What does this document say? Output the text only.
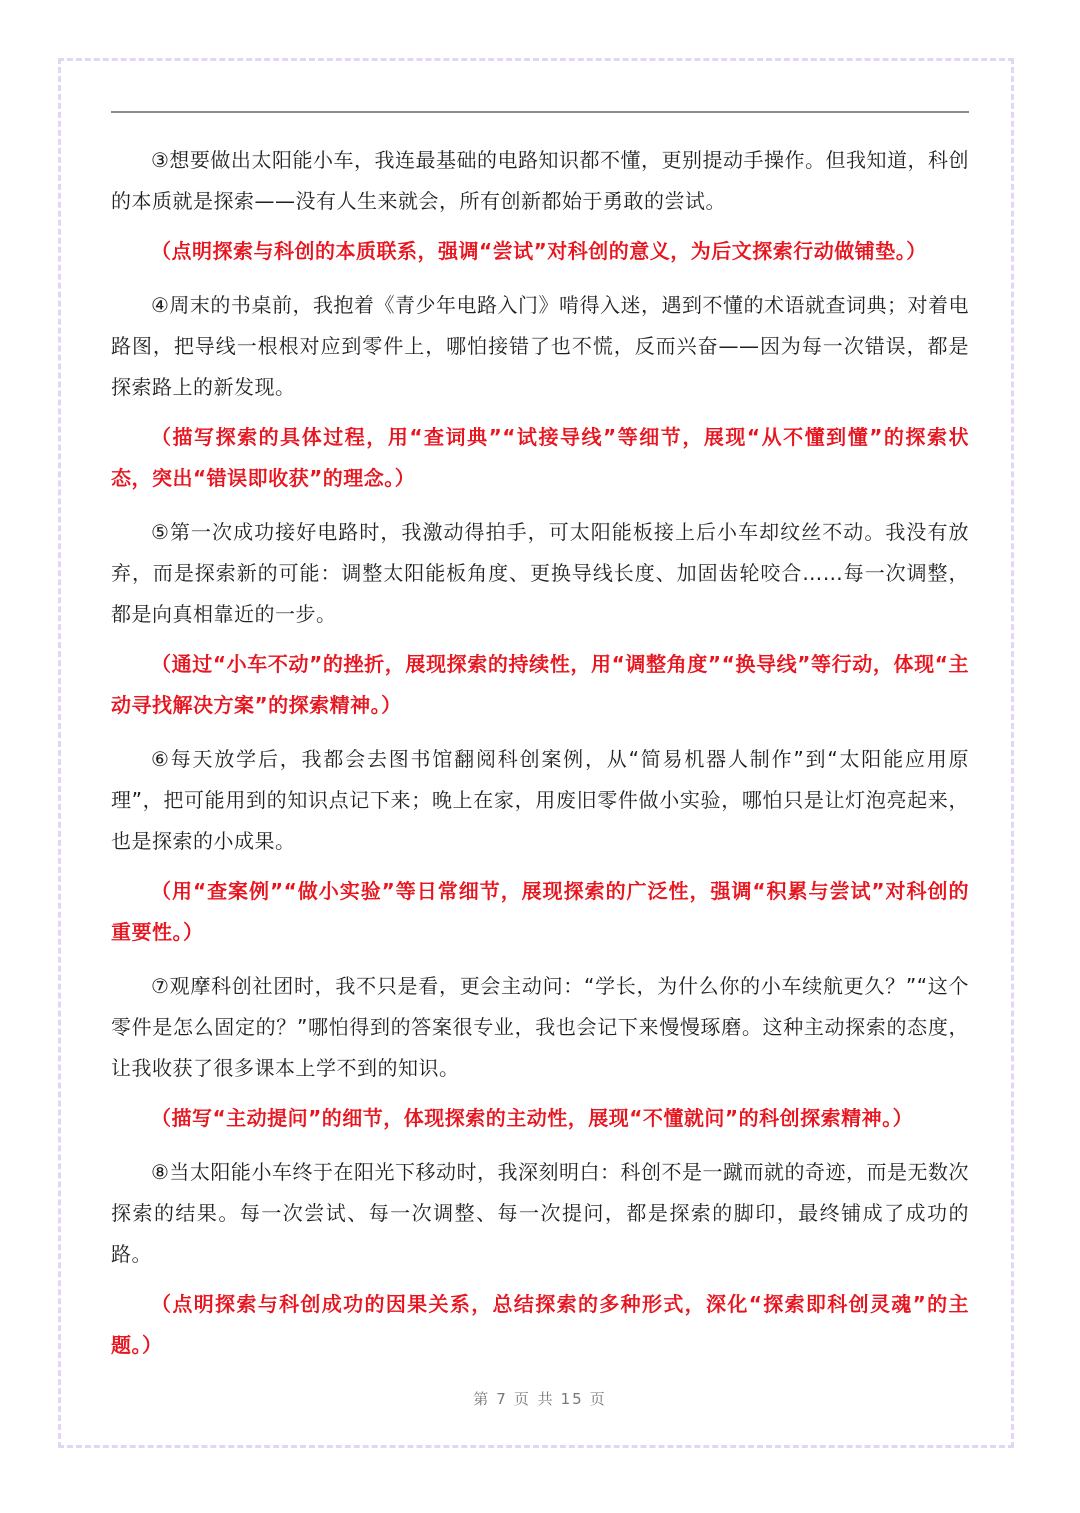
③想要做出太阳能小车，我连最基础的电路知识都不懂，更别提动手操作。但我知道，科创的本质就是探索——没有人生来就会，所有创新都始于勇敢的尝试。

（点明探索与科创的本质联系，强调“尝试”对科创的意义，为后文探索行动做铺垫。）

④周末的书桌前，我抱着《青少年电路入门》啃得入迷，遇到不懂的术语就查词典；对着电路图，把导线一根根对应到零件上，哪怕接错了也不慌，反而兴奋——因为每一次错误，都是探索路上的新发现。

（描写探索的具体过程，用“查词典”“试接导线”等细节，展现“从不懂到懂”的探索状态，突出“错误即收获”的理念。）

⑤第一次成功接好电路时，我激动得拍手，可太阳能板接上后小车却纹丝不动。我没有放弃，而是探索新的可能：调整太阳能板角度、更换导线长度、加固齿轮咬合……每一次调整，都是向真相靠近的一步。

（通过“小车不动”的挫折，展现探索的持续性，用“调整角度”“换导线”等行动，体现“主动寻找解决方案”的探索精神。）

⑥每天放学后，我都会去图书馆翻阅科创案例，从“简易机器人制作”到“太阳能应用原理”，把可能用到的知识点记下来；晚上在家，用废旧零件做小实验，哪怕只是让灯泡亮起来，也是探索的小成果。

（用“查案例”“做小实验”等日常细节，展现探索的广泛性，强调“积累与尝试”对科创的重要性。）

⑦观摩科创社团时，我不只是看，更会主动问：“学长，为什么你的小车续航更久？”“这个零件是怎么固定的？”哪怕得到的答案很专业，我也会记下来慢慢琢磨。这种主动探索的态度，让我收获了很多课本上学不到的知识。

（描写“主动提问”的细节，体现探索的主动性，展现“不懂就问”的科创探索精神。）

⑧当太阳能小车终于在阳光下移动时，我深刻明白：科创不是一蹴而就的奇迹，而是无数次探索的结果。每一次尝试、每一次调整、每一次提问，都是探索的脚印，最终铺成了成功的路。

（点明探索与科创成功的因果关系，总结探索的多种形式，深化“探索即科创灵魂”的主题。）

第 7 页 共 15 页
